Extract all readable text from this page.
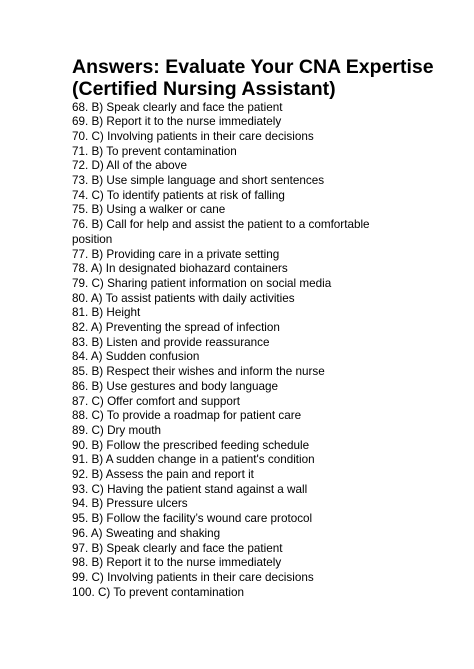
Answers: Evaluate Your CNA Expertise (Certified Nursing Assistant)
68. B) Speak clearly and face the patient
69. B) Report it to the nurse immediately
70. C) Involving patients in their care decisions
71. B) To prevent contamination
72. D) All of the above
73. B) Use simple language and short sentences
74. C) To identify patients at risk of falling
75. B) Using a walker or cane
76. B) Call for help and assist the patient to a comfortable position
77. B) Providing care in a private setting
78. A) In designated biohazard containers
79. C) Sharing patient information on social media
80. A) To assist patients with daily activities
81. B) Height
82. A) Preventing the spread of infection
83. B) Listen and provide reassurance
84. A) Sudden confusion
85. B) Respect their wishes and inform the nurse
86. B) Use gestures and body language
87. C) Offer comfort and support
88. C) To provide a roadmap for patient care
89. C) Dry mouth
90. B) Follow the prescribed feeding schedule
91. B) A sudden change in a patient's condition
92. B) Assess the pain and report it
93. C) Having the patient stand against a wall
94. B) Pressure ulcers
95. B) Follow the facility’s wound care protocol
96. A) Sweating and shaking
97. B) Speak clearly and face the patient
98. B) Report it to the nurse immediately
99. C) Involving patients in their care decisions
100. C) To prevent contamination
